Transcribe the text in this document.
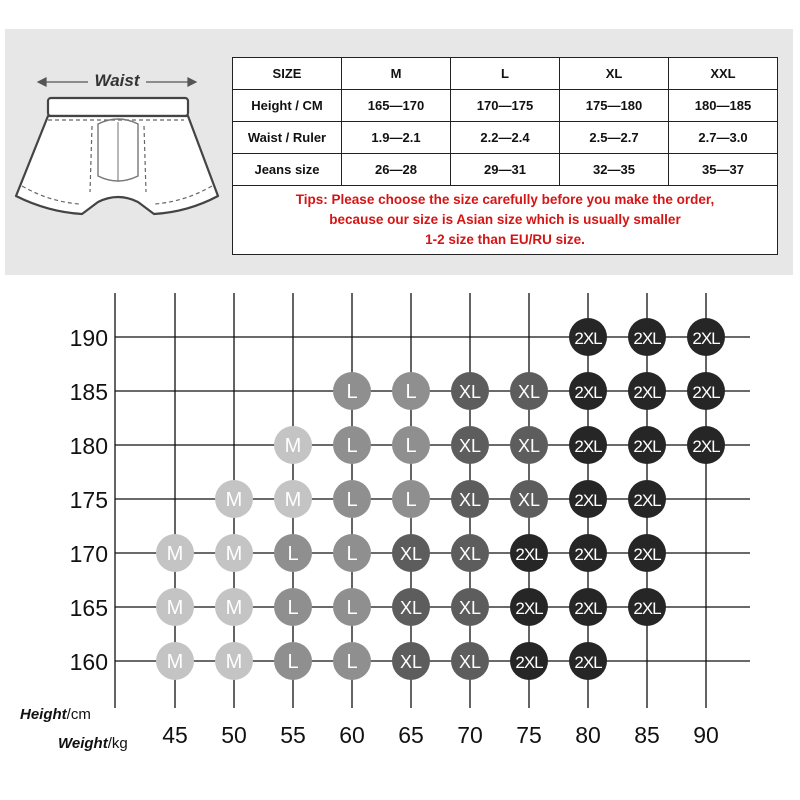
Waist	SIZE	M	L	XL	XXL
Height / CM	165—170	170—175	175—180	180—185
Waist / Ruler	1.9—2.1	2.2—2.4	2.5—2.7	2.7—3.0
Jeans size	26—28	29—31	32—35	35—37

Tips: Please choose the size carefully before you make the order,
because our size is Asian size which is usually smaller
1-2 size than EU/RU size.				
190
185
180
175
170
165
160
45 50 55 60 65 70 75 80 85 90
Height/cm
Weight/kg
2XL 2XL 2XL
L L XL XL 2XL 2XL 2XL
M L L XL XL 2XL 2XL 2XL
M M L L XL XL 2XL 2XL
M M L L XL XL 2XL 2XL 2XL
M M L L XL XL 2XL 2XL 2XL
M M L L XL XL 2XL 2XL
